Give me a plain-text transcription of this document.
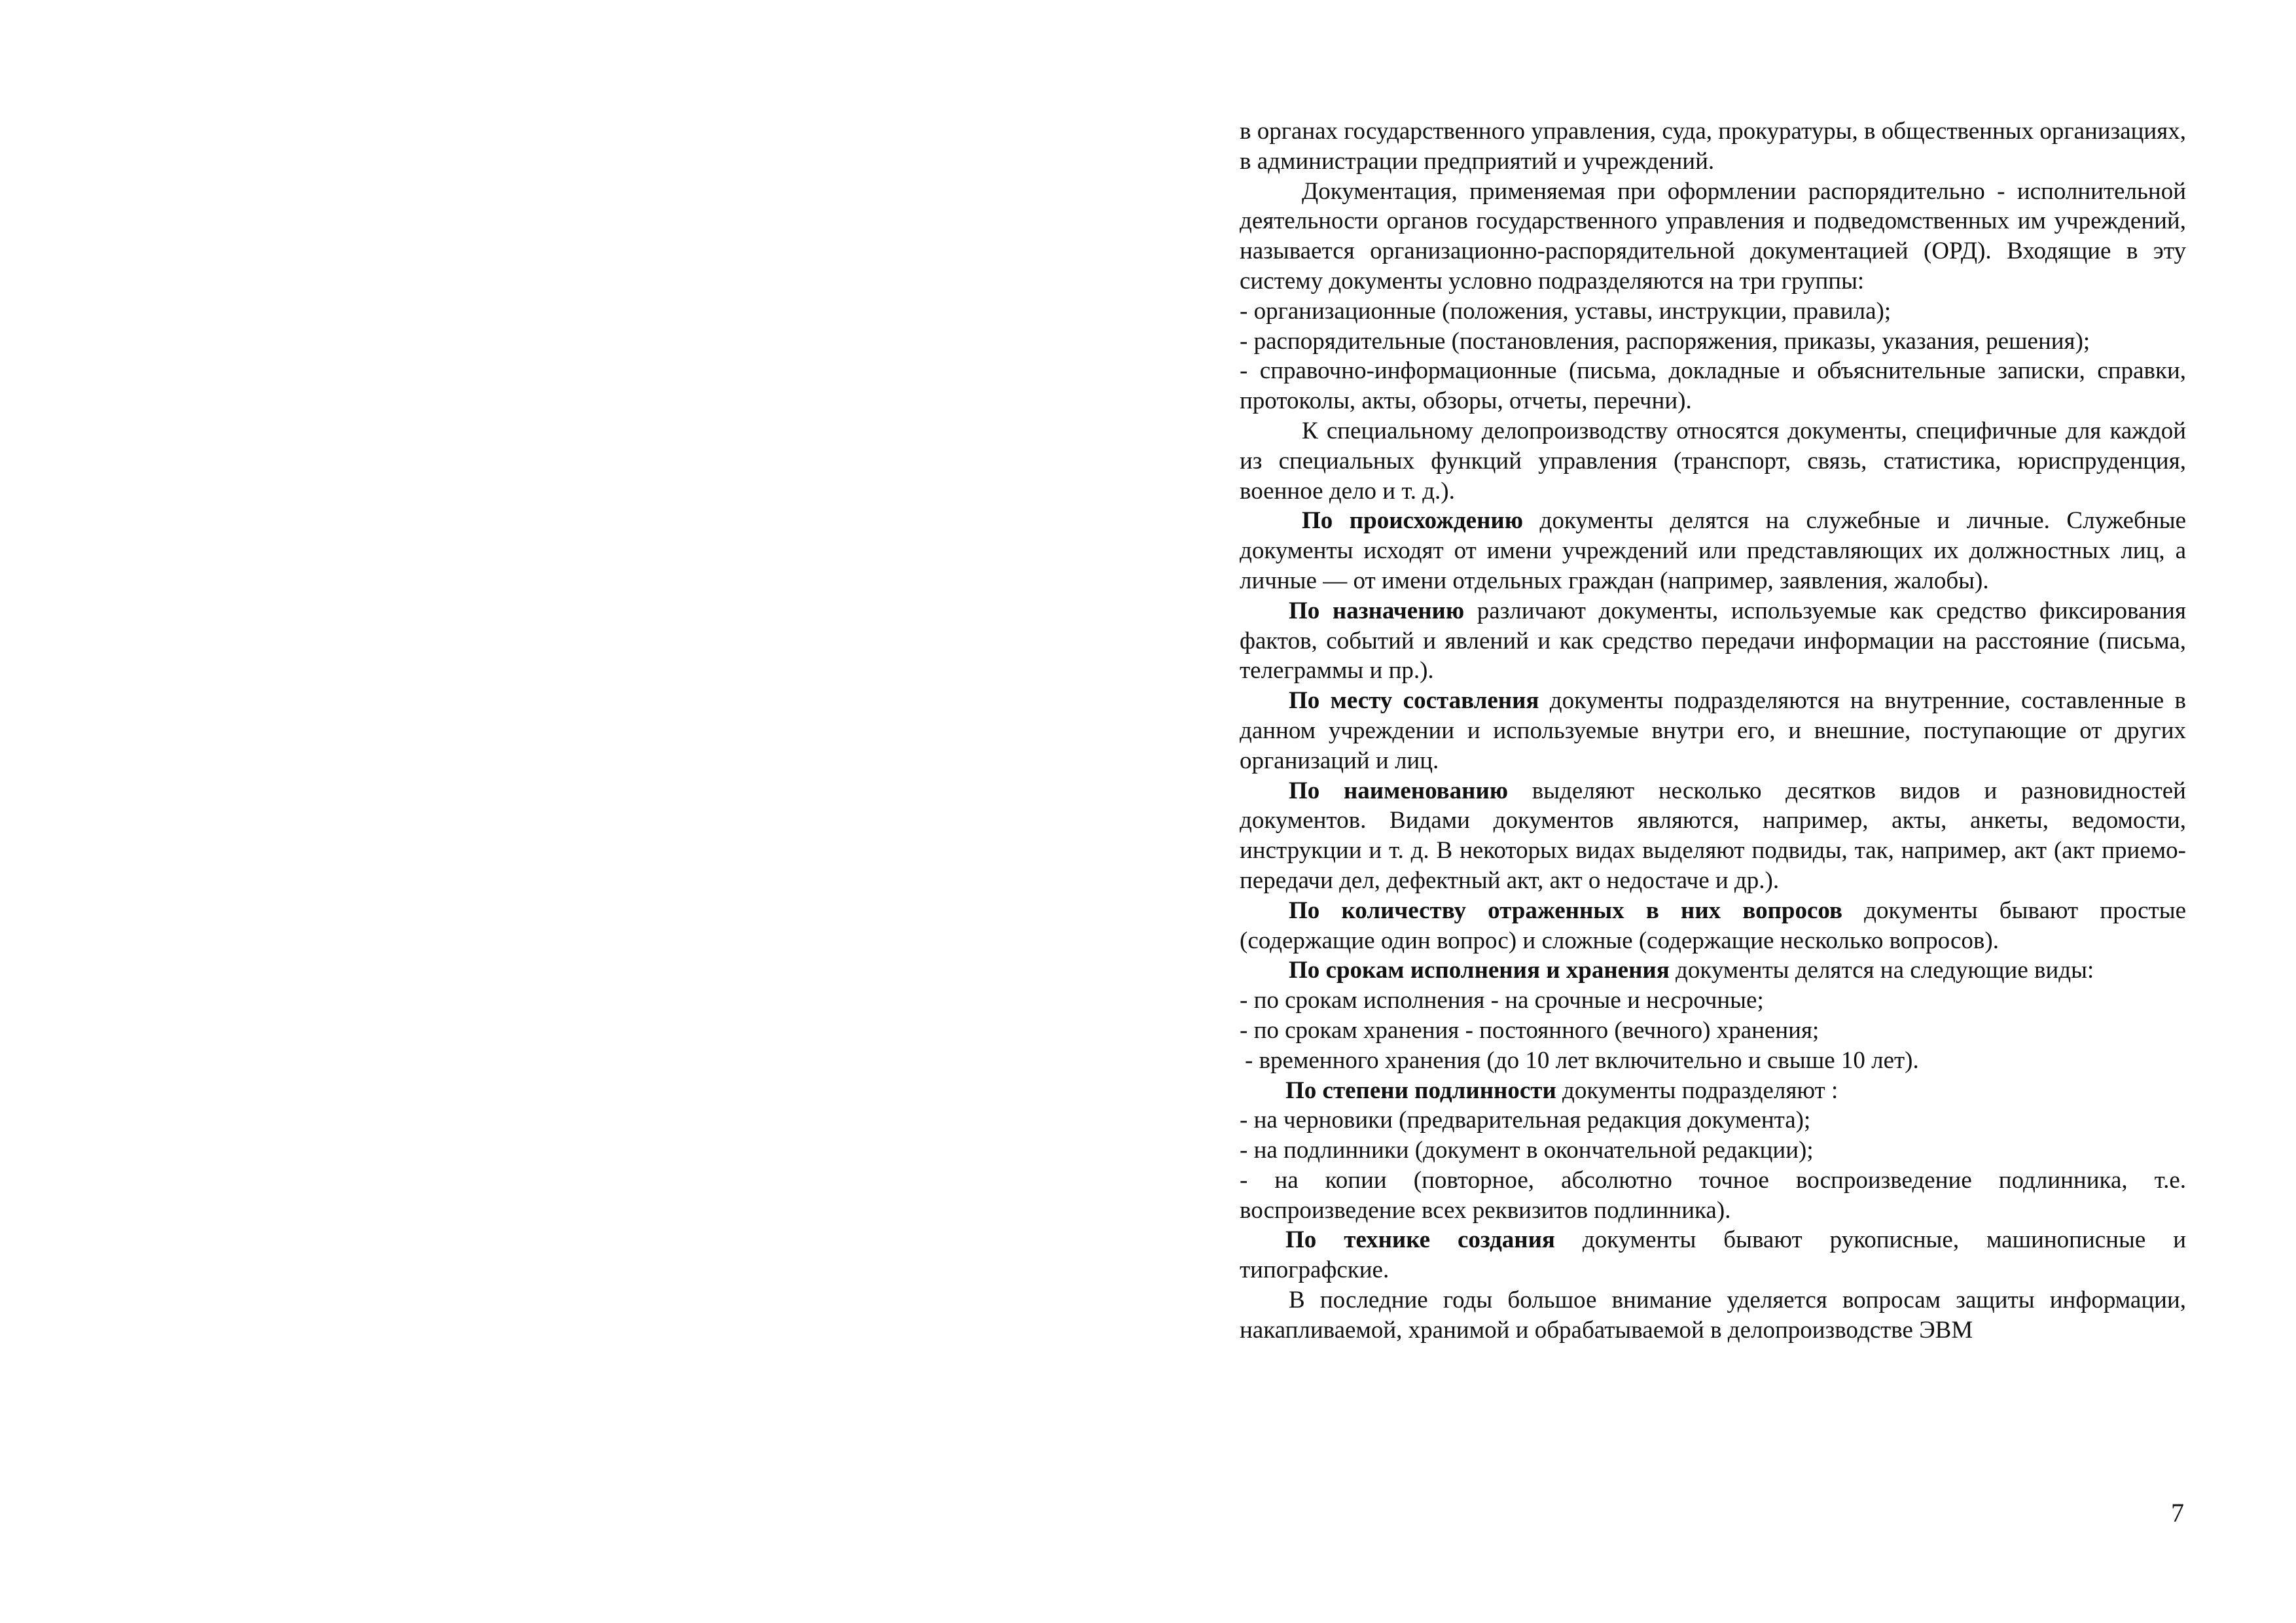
в органах государственного управления, суда, прокуратуры, в общественных организациях, в администрации предприятий и учреждений.

Документация, применяемая при оформлении распорядительно - исполнительной деятельности органов государственного управления и подведомственных им учреждений, называется организационно-распорядительной документацией (ОРД). Входящие в эту систему документы условно подразделяются на три группы:

- организационные (положения, уставы, инструкции, правила);

- распорядительные (постановления, распоряжения, приказы, указания, решения);

- справочно-информационные (письма, докладные и объяснительные записки, справки, протоколы, акты, обзоры, отчеты, перечни).

К специальному делопроизводству относятся документы, специфичные для каждой из специальных функций управления (транспорт, связь, статистика, юриспруденция, военное дело и т. д.).

По происхождению документы делятся на служебные и личные. Служебные документы исходят от имени учреждений или представляющих их должностных лиц, а личные — от имени отдельных граждан (например, заявления, жалобы).

По назначению различают документы, используемые как средство фиксирования фактов, событий и явлений и как средство передачи информации на расстояние (письма, телеграммы и пр.).

По месту составления документы подразделяются на внутренние, составленные в данном учреждении и используемые внутри его, и внешние, поступающие от других организаций и лиц.

По наименованию выделяют несколько десятков видов и разновидностей документов. Видами документов являются, например, акты, анкеты, ведомости, инструкции и т. д. В некоторых видах выделяют подвиды, так, например, акт (акт приемо-передачи дел, дефектный акт, акт о недостаче и др.).

По количеству отраженных в них вопросов документы бывают простые (содержащие один вопрос) и сложные (содержащие несколько вопросов).

По срокам исполнения и хранения документы делятся на следующие виды:

- по срокам исполнения - на срочные и несрочные;

- по срокам хранения - постоянного (вечного) хранения;

- временного хранения (до 10 лет включительно и свыше 10 лет).

По степени подлинности документы подразделяют :

- на черновики (предварительная редакция документа);

- на подлинники (документ в окончательной редакции);

- на копии (повторное, абсолютно точное воспроизведение подлинника, т.е. воспроизведение всех реквизитов подлинника).

По технике создания документы бывают рукописные, машинописные и типографские.

В последние годы большое внимание уделяется вопросам защиты информации, накапливаемой, хранимой и обрабатываемой в делопроизводстве ЭВМ

7
